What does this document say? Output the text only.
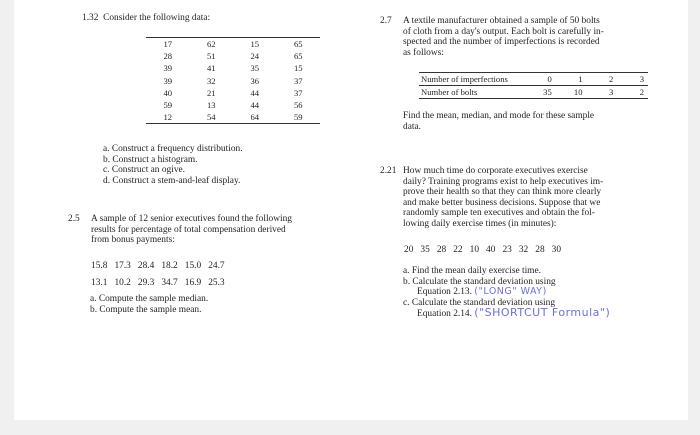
1.32 Consider the following data:
17	62	15	65
28	51	24	65
39	41	35	15
39	32	36	37
40	21	44	37
59	13	44	56
12	54	64	59
a. Construct a frequency distribution.
b. Construct a histogram.
c. Construct an ogive.
d. Construct a stem-and-leaf display.
2.5 A sample of 12 senior executives found the following
results for percentage of total compensation derived
from bonus payments:
15.8   17.3   28.4   18.2   15.0   24.7
13.1   10.2   29.3   34.7   16.9   25.3
a. Compute the sample median.
b. Compute the sample mean.
2.7 A textile manufacturer obtained a sample of 50 bolts
of cloth from a day's output. Each bolt is carefully in-
spected and the number of imperfections is recorded
as follows:
Number of imperfections	0	1	2	3
Number of bolts	35	10	3	2
Find the mean, median, and mode for these sample
data.
2.21 How much time do corporate executives exercise
daily? Training programs exist to help executives im-
prove their health so that they can think more clearly
and make better business decisions. Suppose that we
randomly sample ten executives and obtain the fol-
lowing daily exercise times (in minutes):
20   35   28   22   10   40   23   32   28   30
a. Find the mean daily exercise time.
b. Calculate the standard deviation using
Equation 2.13. ("LONG" WAY)
c. Calculate the standard deviation using
Equation 2.14. ("SHORTCUT Formula")
